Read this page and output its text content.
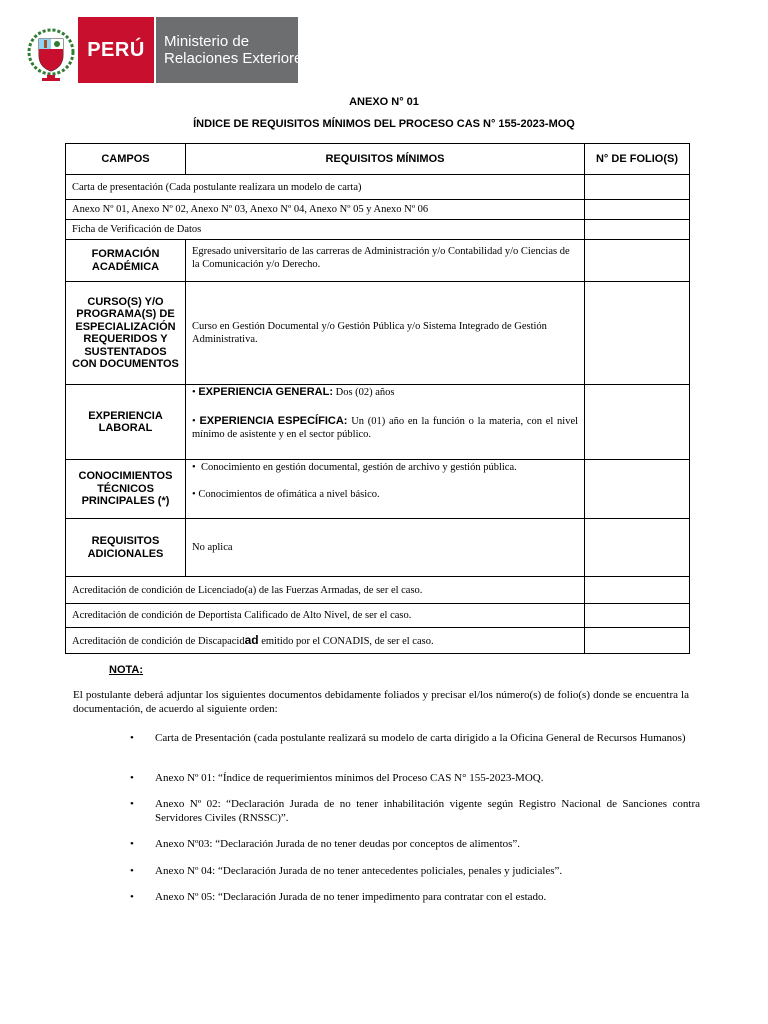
PERÚ Ministerio de
Relaciones Exteriores
ANEXO N° 01
ÍNDICE DE REQUISITOS MÍNIMOS DEL PROCESO CAS N° 155-2023-MOQ
CAMPOS	REQUISITOS MÍNIMOS	N° DE FOLIO(S)
Carta de presentación (Cada postulante realizara un modelo de carta)		
Anexo Nº 01, Anexo Nº 02, Anexo Nº 03, Anexo Nº 04, Anexo Nº 05 y Anexo Nº 06		
Ficha de Verificación de Datos		
FORMACIÓN ACADÉMICA	Egresado universitario de las carreras de Administración y/o Contabilidad y/o Ciencias de la Comunicación y/o Derecho.	
CURSO(S) Y/O PROGRAMA(S) DE ESPECIALIZACIÓN REQUERIDOS Y SUSTENTADOS CON DOCUMENTOS	Curso en Gestión Documental y/o Gestión Pública y/o Sistema Integrado de Gestión Administrativa.	
EXPERIENCIA LABORAL	• EXPERIENCIA GENERAL: Dos (02) años
• EXPERIENCIA ESPECÍFICA: Un (01) año en la función o la materia, con el nivel mínimo de asistente y en el sector público.	

CONOCIMIENTOS TÉCNICOS PRINCIPALES (*)	• Conocimiento en gestión documental, gestión de archivo y gestión pública.
• Conocimientos de ofimática a nivel básico.	

REQUISITOS ADICIONALES	No aplica	
Acreditación de condición de Licenciado(a) de las Fuerzas Armadas, de ser el caso.		
Acreditación de condición de Deportista Calificado de Alto Nivel, de ser el caso.		
Acreditación de condición de Discapacidad emitido por el CONADIS, de ser el caso.		
NOTA:
El postulante deberá adjuntar los siguientes documentos debidamente foliados y precisar el/los número(s) de folio(s) donde se encuentra la documentación, de acuerdo al siguiente orden:
• Carta de Presentación (cada postulante realizará su modelo de carta dirigido a la Oficina General de Recursos Humanos)
• Anexo Nº 01: “Índice de requerimientos mínimos del Proceso CAS N° 155-2023-MOQ.
• Anexo Nº 02: “Declaración Jurada de no tener inhabilitación vigente según Registro Nacional de Sanciones contra Servidores Civiles (RNSSC)”.
• Anexo Nº03: “Declaración Jurada de no tener deudas por conceptos de alimentos”.
• Anexo Nº 04: “Declaración Jurada de no tener antecedentes policiales, penales y judiciales”.
• Anexo Nº 05: “Declaración Jurada de no tener impedimento para contratar con el estado.
